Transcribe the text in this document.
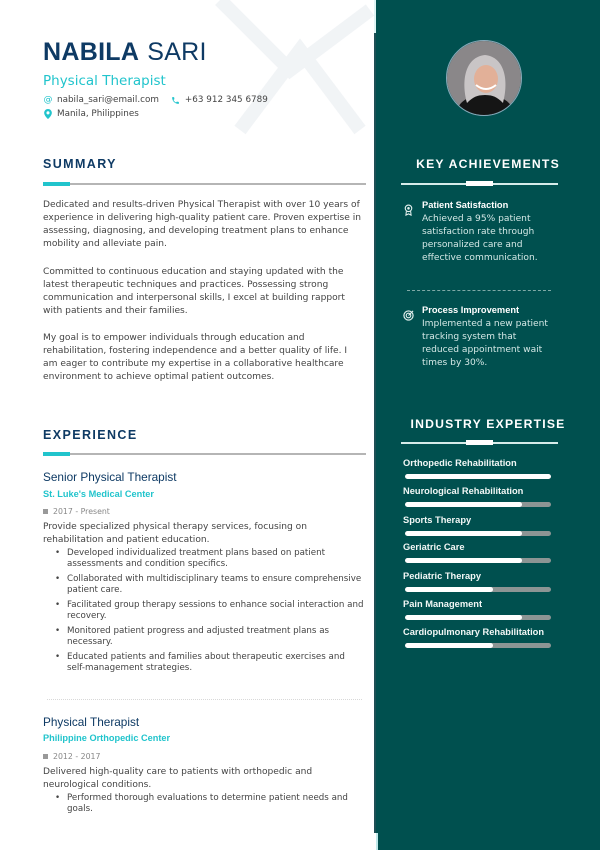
NABILA SARI
Physical Therapist
@ nabila_sari@email.com	+63 912 345 6789
Manila, Philippines
SUMMARY
Dedicated and results-driven Physical Therapist with over 10 years of experience in delivering high-quality patient care. Proven expertise in assessing, diagnosing, and developing treatment plans to enhance mobility and alleviate pain.
Committed to continuous education and staying updated with the latest therapeutic techniques and practices. Possessing strong communication and interpersonal skills, I excel at building rapport with patients and their families.
My goal is to empower individuals through education and rehabilitation, fostering independence and a better quality of life. I am eager to contribute my expertise in a collaborative healthcare environment to achieve optimal patient outcomes.
EXPERIENCE
Senior Physical Therapist
St. Luke's Medical Center
2017 - Present
Provide specialized physical therapy services, focusing on rehabilitation and patient education.
• Developed individualized treatment plans based on patient assessments and condition specifics.
• Collaborated with multidisciplinary teams to ensure comprehensive patient care.
• Facilitated group therapy sessions to enhance social interaction and recovery.
• Monitored patient progress and adjusted treatment plans as necessary.
• Educated patients and families about therapeutic exercises and self-management strategies.
Physical Therapist
Philippine Orthopedic Center
2012 - 2017
Delivered high-quality care to patients with orthopedic and neurological conditions.
• Performed thorough evaluations to determine patient needs and goals.
KEY ACHIEVEMENTS
Patient Satisfaction
Achieved a 95% patient satisfaction rate through personalized care and effective communication.
Process Improvement
Implemented a new patient tracking system that reduced appointment wait times by 30%.
INDUSTRY EXPERTISE
Orthopedic Rehabilitation
Neurological Rehabilitation
Sports Therapy
Geriatric Care
Pediatric Therapy
Pain Management
Cardiopulmonary Rehabilitation
